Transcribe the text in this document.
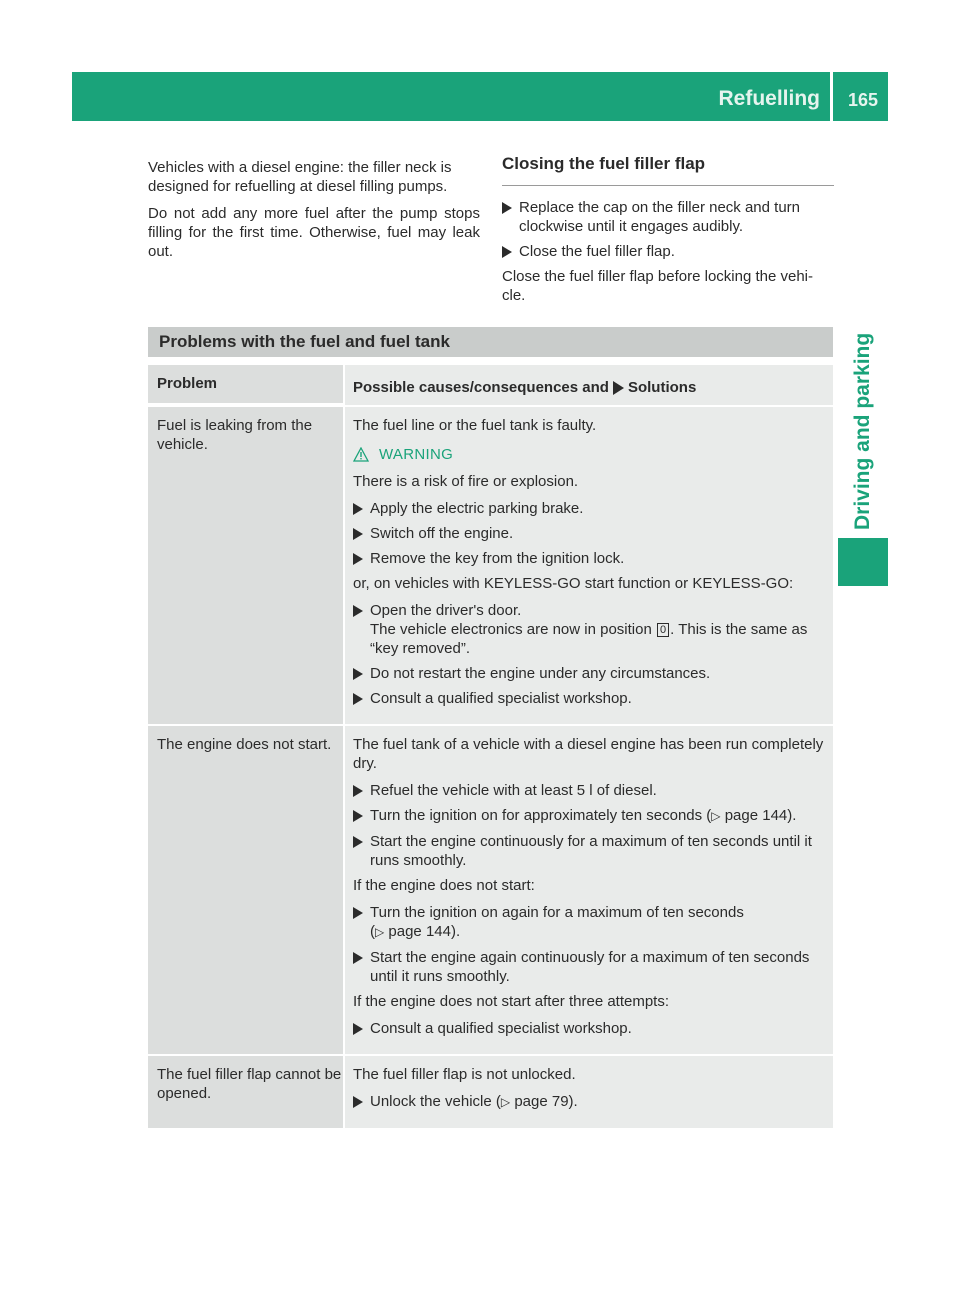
Refuelling 165
Driving and parking

Vehicles with a diesel engine: the filler neck is designed for refuelling at diesel filling pumps.

Do not add any more fuel after the pump stops filling for the first time. Otherwise, fuel may leak out.

Closing the fuel filler flap
Replace the cap on the filler neck and turn clockwise until it engages audibly.
Close the fuel filler flap.

Close the fuel filler flap before locking the vehi- cle.

Problems with the fuel and fuel tank
Problem	Possible causes/consequences and Solutions
Fuel is leaking from the vehicle.

The fuel line or the fuel tank is faulty.

WARNING

There is a risk of fire or explosion.

Apply the electric parking brake.
Switch off the engine.
Remove the key from the ignition lock.

or, on vehicles with KEYLESS-GO start function or KEYLESS-GO:

Open the driver's door.
The vehicle electronics are now in position 0 . This is the same as “key removed”.
Do not restart the engine under any circumstances.
Consult a qualified specialist workshop.
The engine does not start.	The fuel tank of a vehicle with a diesel engine has been run completely dry.

Refuel the vehicle with at least 5 l of diesel.
Turn the ignition on for approximately ten seconds (▷ page 144).
Start the engine continuously for a maximum of ten seconds until it runs smoothly.

If the engine does not start:

Turn the ignition on again for a maximum of ten seconds
(▷ page 144).
Start the engine again continuously for a maximum of ten seconds until it runs smoothly.

If the engine does not start after three attempts:

Consult a qualified specialist workshop.
The fuel filler flap cannot be opened.

The fuel filler flap is not unlocked.

Unlock the vehicle (▷ page 79).
